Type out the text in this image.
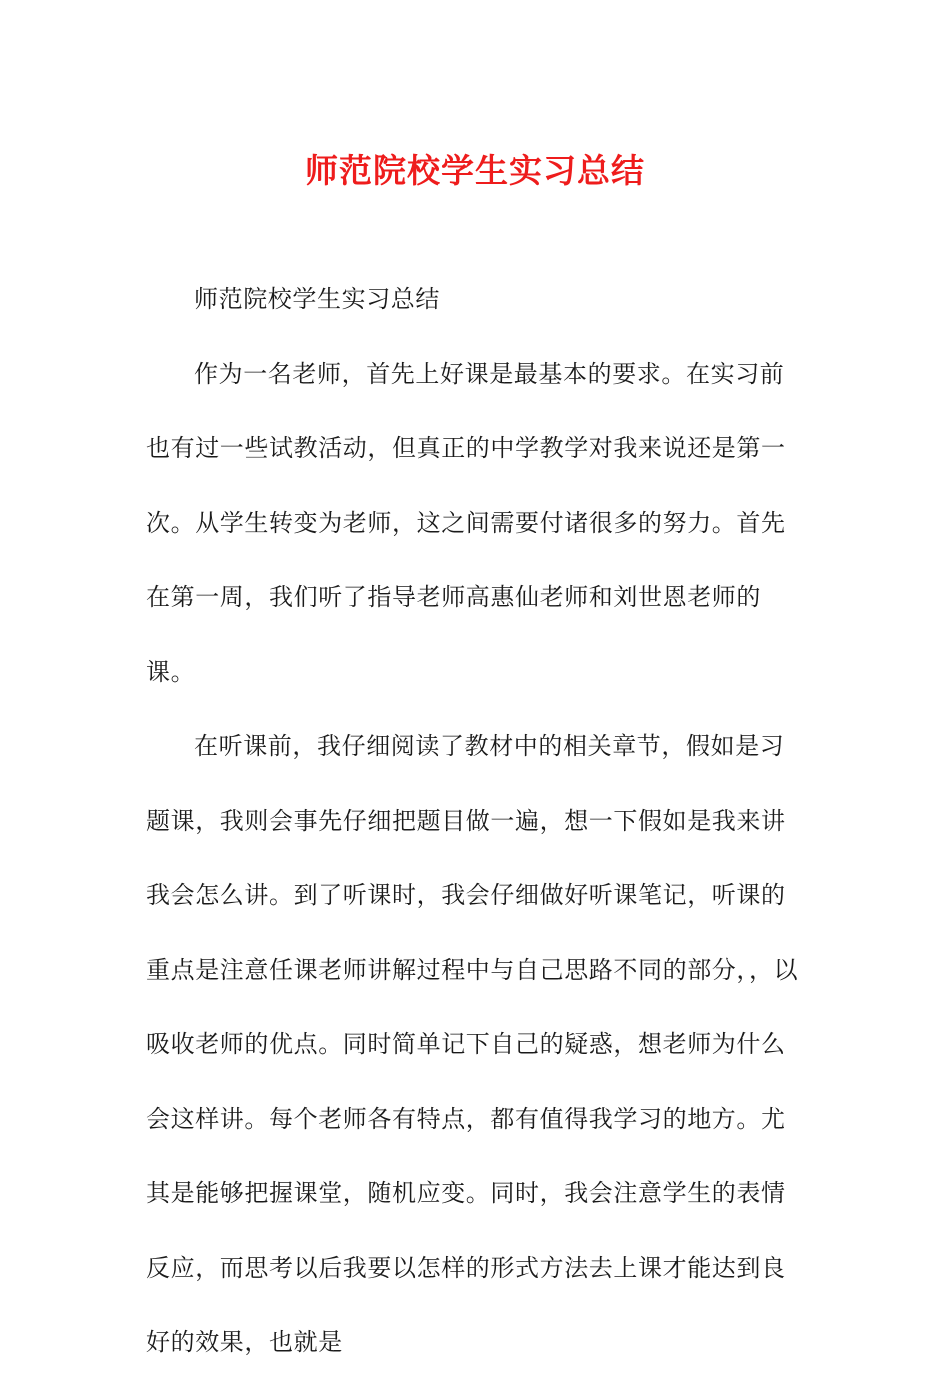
师范院校学生实习总结

师范院校学生实习总结

作为一名老师，首先上好课是最基本的要求。在实习前也有过一些试教活动，但真正的中学教学对我来说还是第一次。从学生转变为老师，这之间需要付诸很多的努力。首先在第一周，我们听了指导老师高惠仙老师和刘世恩老师的课。

在听课前，我仔细阅读了教材中的相关章节，假如是习题课，我则会事先仔细把题目做一遍，想一下假如是我来讲我会怎么讲。到了听课时，我会仔细做好听课笔记，听课的重点是注意任课老师讲解过程中与自己思路不同的部分，，以吸收老师的优点。同时简单记下自己的疑惑，想老师为什么会这样讲。每个老师各有特点，都有值得我学习的地方。尤其是能够把握课堂，随机应变。同时，我会注意学生的表情反应，而思考以后我要以怎样的形式方法去上课才能达到良好的效果，也就是
